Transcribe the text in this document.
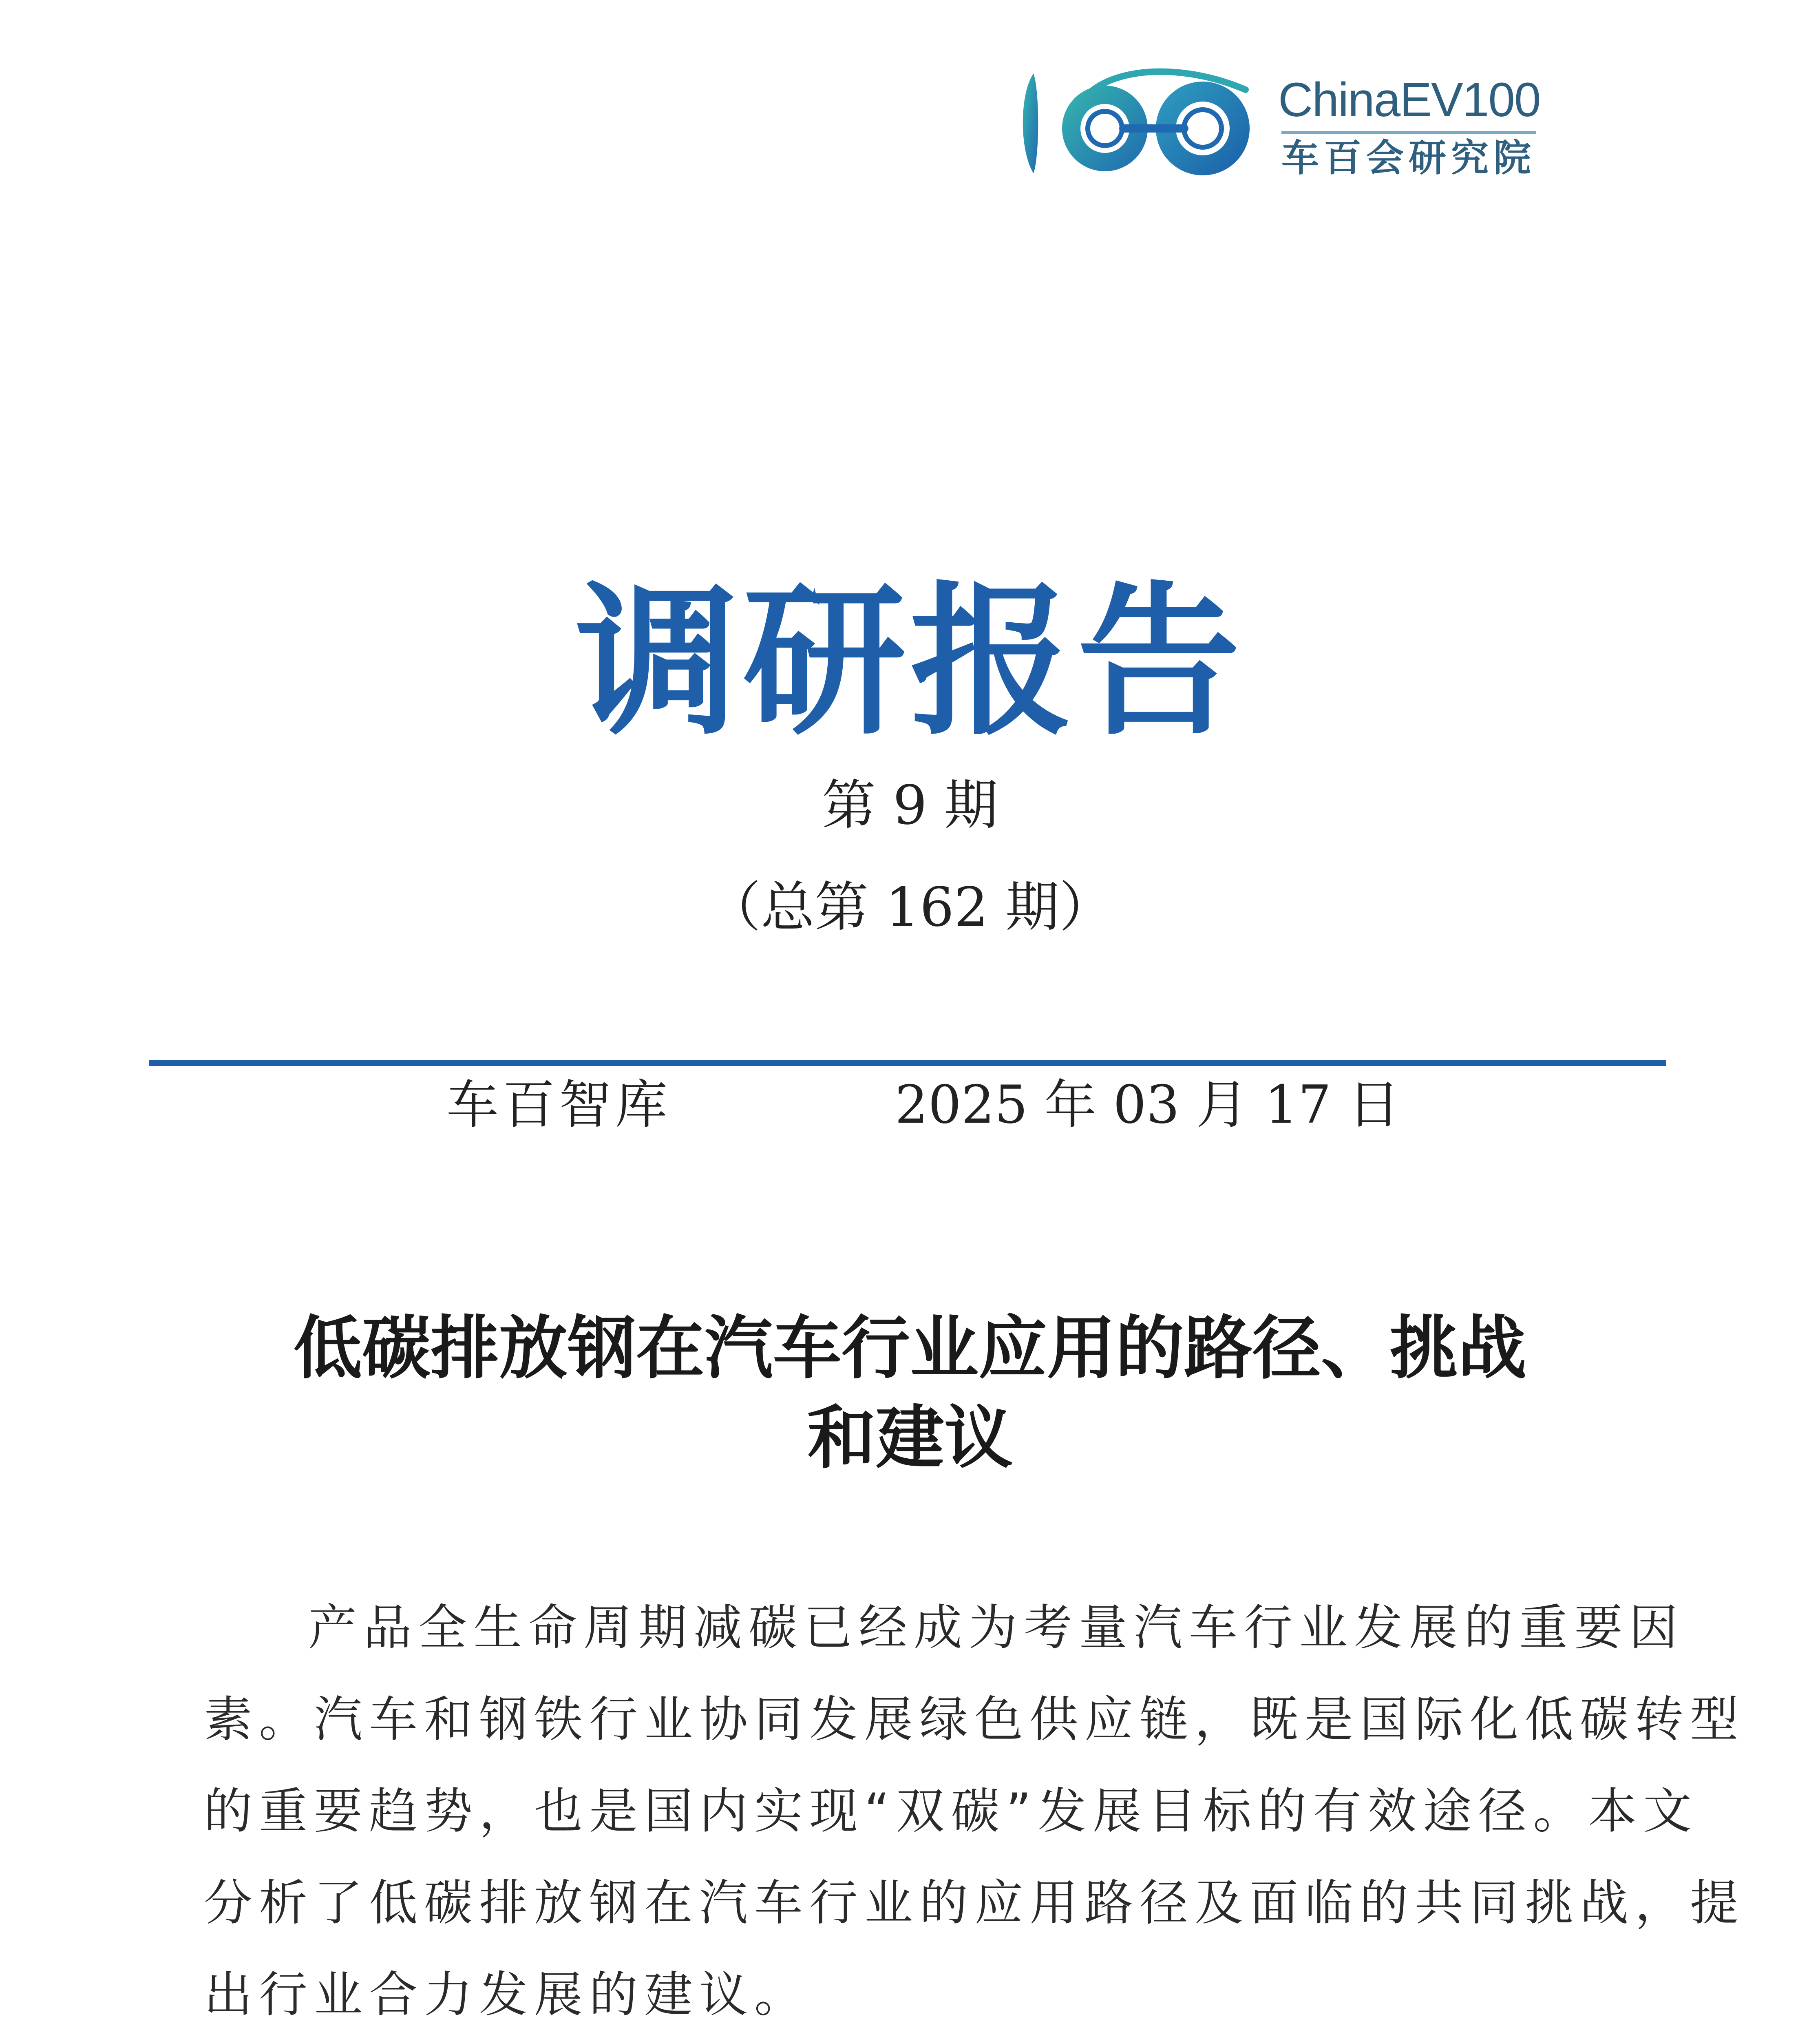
ChinaEV100
车百会研究院
调研报告
第 9 期
（总第 162 期）
车百智库	2025 年 03 月 17 日
低碳排放钢在汽车行业应用的路径、挑战
和建议
产品全生命周期减碳已经成为考量汽车行业发展的重要因
素。汽车和钢铁行业协同发展绿色供应链，既是国际化低碳转型
的重要趋势，也是国内实现“双碳”发展目标的有效途径。本文
分析了低碳排放钢在汽车行业的应用路径及面临的共同挑战，提
出行业合力发展的建议。
